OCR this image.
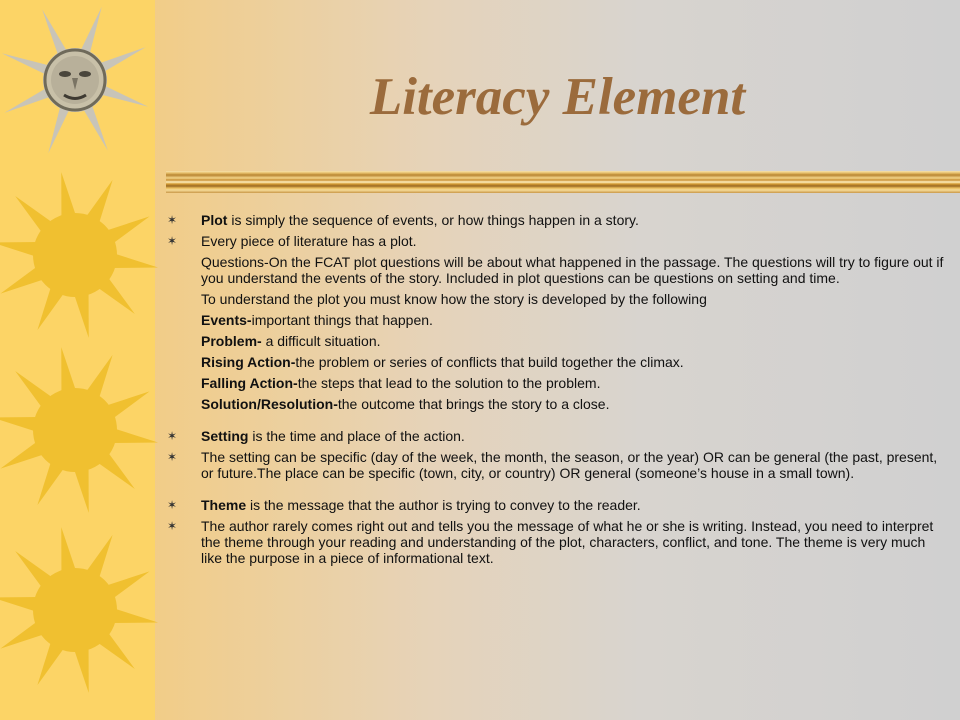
Literacy Element
✶ Plot is simply the sequence of events, or how things happen in a story.
✶ Every piece of literature has a plot.
Questions-On the FCAT plot questions will be about what happened in the passage. The questions will try to figure out if you understand the events of the story. Included in plot questions can be questions on setting and time.
To understand the plot you must know how the story is developed by the following
Events-important things that happen.
Problem- a difficult situation.
Rising Action-the problem or series of conflicts that build together the climax.
Falling Action-the steps that lead to the solution to the problem.
Solution/Resolution-the outcome that brings the story to a close.
✶ Setting is the time and place of the action.
✶ The setting can be specific (day of the week, the month, the season, or the year) OR can be general (the past, present, or future.The place can be specific (town, city, or country) OR general (someone’s house in a small town).
✶ Theme is the message that the author is trying to convey to the reader.
✶ The author rarely comes right out and tells you the message of what he or she is writing. Instead, you need to interpret the theme through your reading and understanding of the plot, characters, conflict, and tone. The theme is very much like the purpose in a piece of informational text.
